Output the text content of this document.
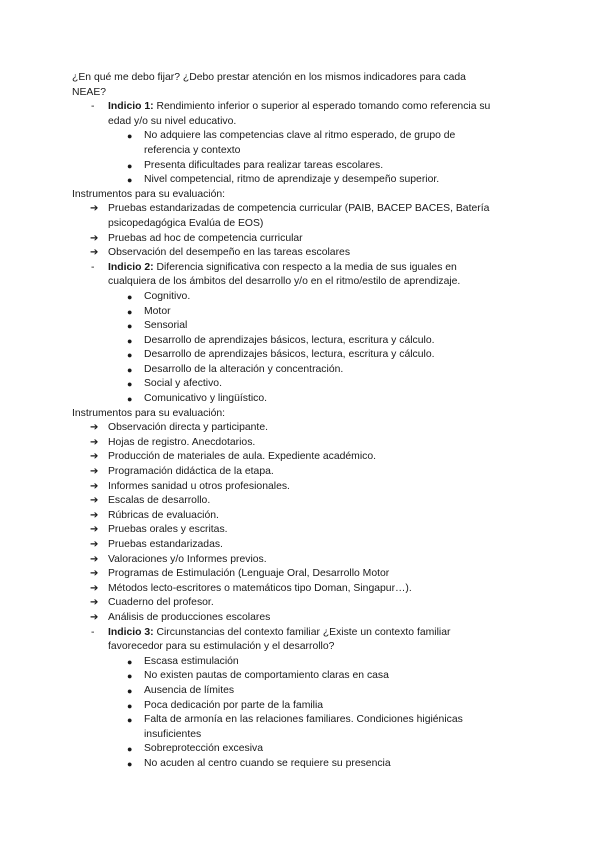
¿En qué me debo fijar? ¿Debo prestar atención en los mismos indicadores para cada
NEAE?
- Indicio 1: Rendimiento inferior o superior al esperado tomando como referencia su
edad y/o su nivel educativo.
● No adquiere las competencias clave al ritmo esperado, de grupo de
referencia y contexto
● Presenta dificultades para realizar tareas escolares.
● Nivel competencial, ritmo de aprendizaje y desempeño superior.
Instrumentos para su evaluación:
➔ Pruebas estandarizadas de competencia curricular (PAIB, BACEP BACES, Batería
psicopedagógica Evalúa de EOS)
➔ Pruebas ad hoc de competencia curricular
➔ Observación del desempeño en las tareas escolares
- Indicio 2: Diferencia significativa con respecto a la media de sus iguales en
cualquiera de los ámbitos del desarrollo y/o en el ritmo/estilo de aprendizaje.
● Cognitivo.
● Motor
● Sensorial
● Desarrollo de aprendizajes básicos, lectura, escritura y cálculo.
● Desarrollo de aprendizajes básicos, lectura, escritura y cálculo.
● Desarrollo de la alteración y concentración.
● Social y afectivo.
● Comunicativo y lingüístico.
Instrumentos para su evaluación:
➔ Observación directa y participante.
➔ Hojas de registro. Anecdotarios.
➔ Producción de materiales de aula. Expediente académico.
➔ Programación didáctica de la etapa.
➔ Informes sanidad u otros profesionales.
➔ Escalas de desarrollo.
➔ Rúbricas de evaluación.
➔ Pruebas orales y escritas.
➔ Pruebas estandarizadas.
➔ Valoraciones y/o Informes previos.
➔ Programas de Estimulación (Lenguaje Oral, Desarrollo Motor
➔ Métodos lecto-escritores o matemáticos tipo Doman, Singapur…).
➔ Cuaderno del profesor.
➔ Análisis de producciones escolares
- Indicio 3: Circunstancias del contexto familiar ¿Existe un contexto familiar
favorecedor para su estimulación y el desarrollo?
● Escasa estimulación
● No existen pautas de comportamiento claras en casa
● Ausencia de límites
● Poca dedicación por parte de la familia
● Falta de armonía en las relaciones familiares. Condiciones higiénicas
insuficientes
● Sobreprotección excesiva
● No acuden al centro cuando se requiere su presencia
